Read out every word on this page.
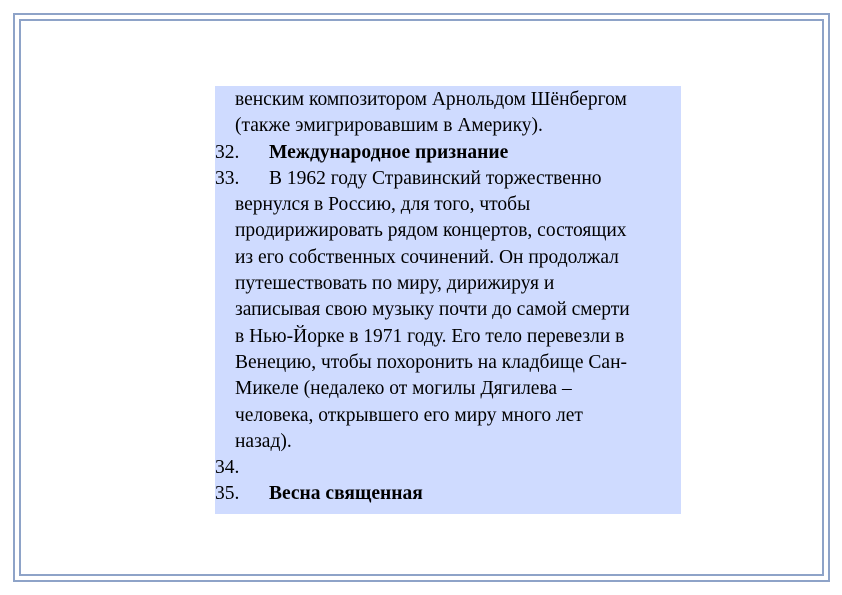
венским композитором Арнольдом Шёнбергом
(также эмигрировавшим в Америку).
32.	Международное признание
33.	В 1962 году Стравинский торжественно
вернулся в Россию, для того, чтобы
продирижировать рядом концертов, состоящих
из его собственных сочинений. Он продолжал
путешествовать по миру, дирижируя и
записывая свою музыку почти до самой смерти
в Нью-Йорке в 1971 году. Его тело перевезли в
Венецию, чтобы похоронить на кладбище Сан-
Микеле (недалеко от могилы Дягилева –
человека, открывшего его миру много лет
назад).
34.
35.	Весна священная
